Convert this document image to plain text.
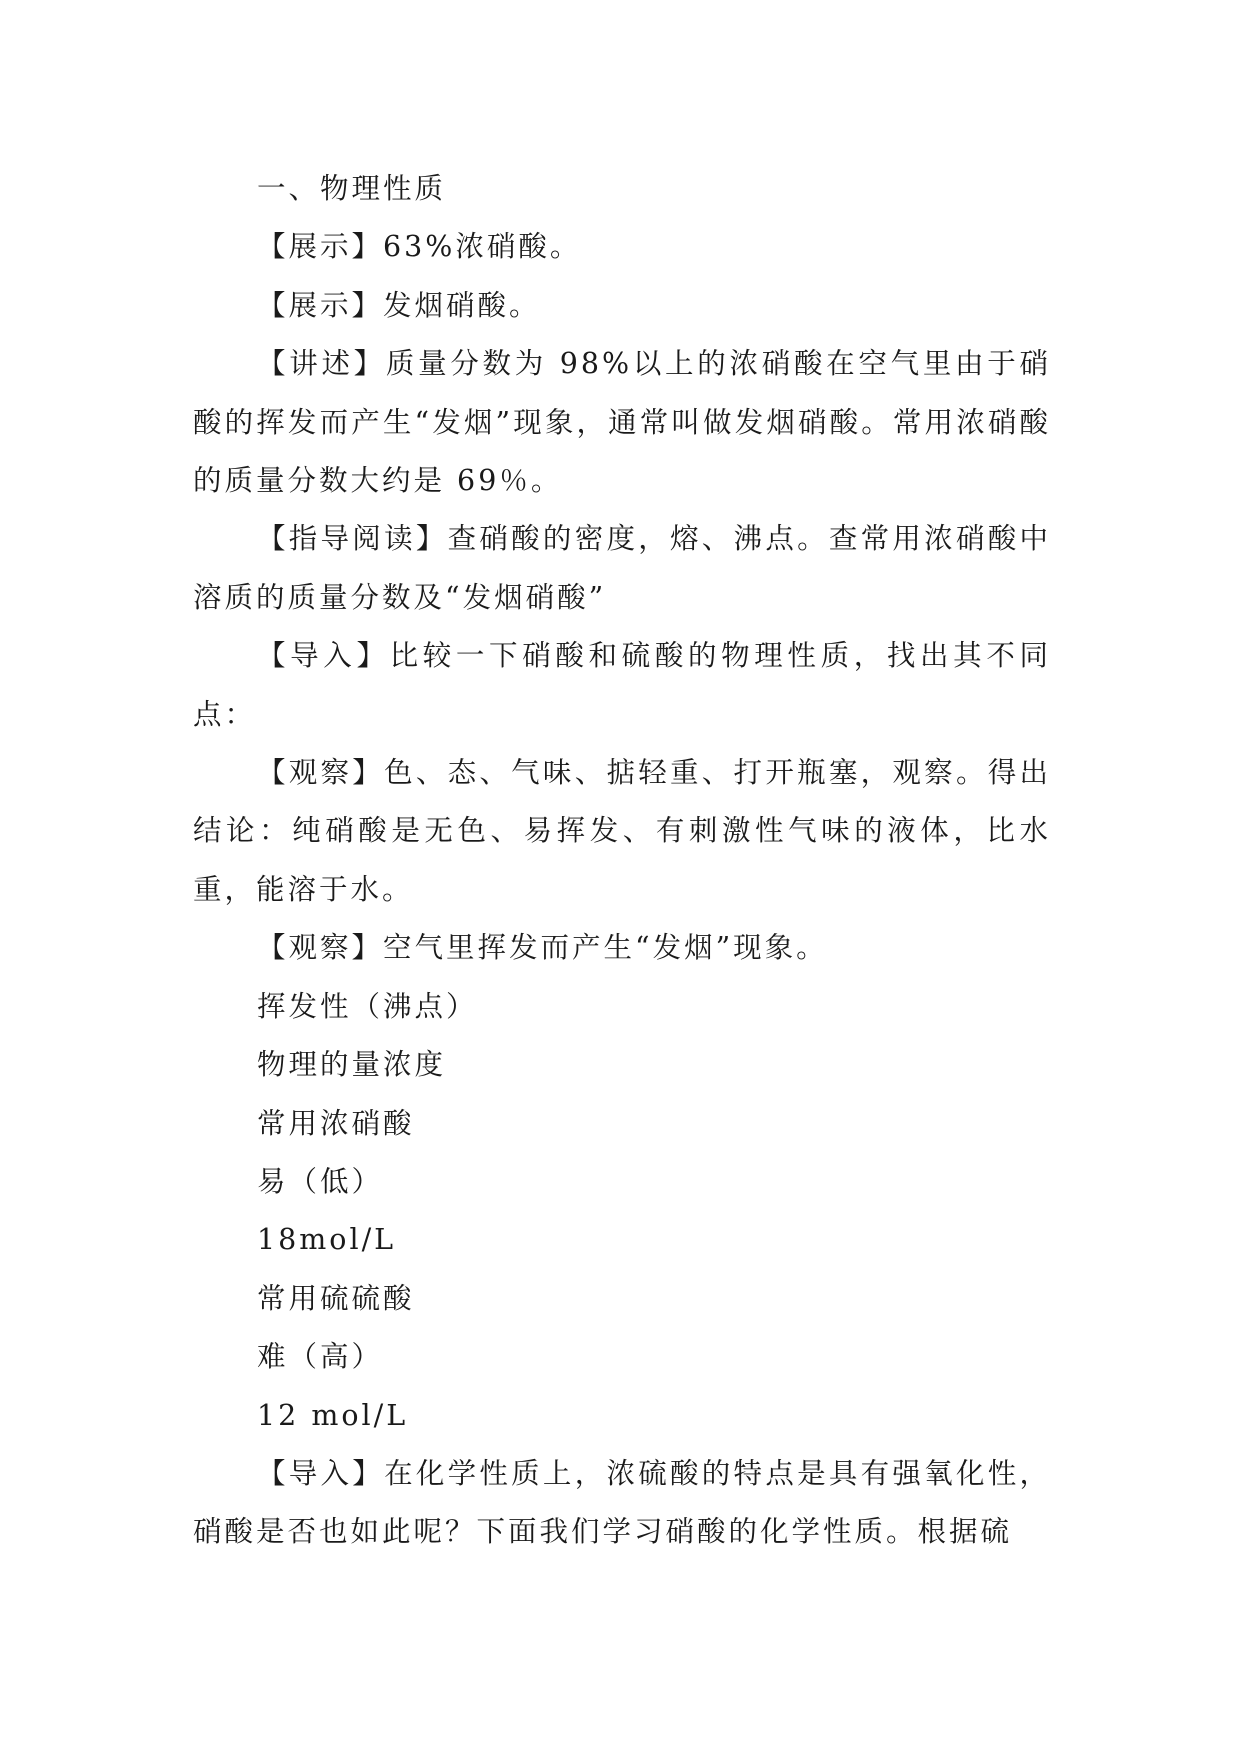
一、物理性质

【展示】63%浓硝酸。

【展示】发烟硝酸。

【讲述】质量分数为 98%以上的浓硝酸在空气里由于硝酸的挥发而产生“发烟”现象，通常叫做发烟硝酸。常用浓硝酸的质量分数大约是 69％。

【指导阅读】查硝酸的密度，熔、沸点。查常用浓硝酸中溶质的质量分数及“发烟硝酸”

【导入】比较一下硝酸和硫酸的物理性质，找出其不同点：

【观察】色、态、气味、掂轻重、打开瓶塞，观察。得出结论：纯硝酸是无色、易挥发、有刺激性气味的液体，比水重，能溶于水。

【观察】空气里挥发而产生“发烟”现象。

挥发性（沸点）

物理的量浓度

常用浓硝酸

易（低）

18mol/L

常用硫硫酸

难（高）

12 mol/L

【导入】在化学性质上，浓硫酸的特点是具有强氧化性，硝酸是否也如此呢？下面我们学习硝酸的化学性质。根据硫
